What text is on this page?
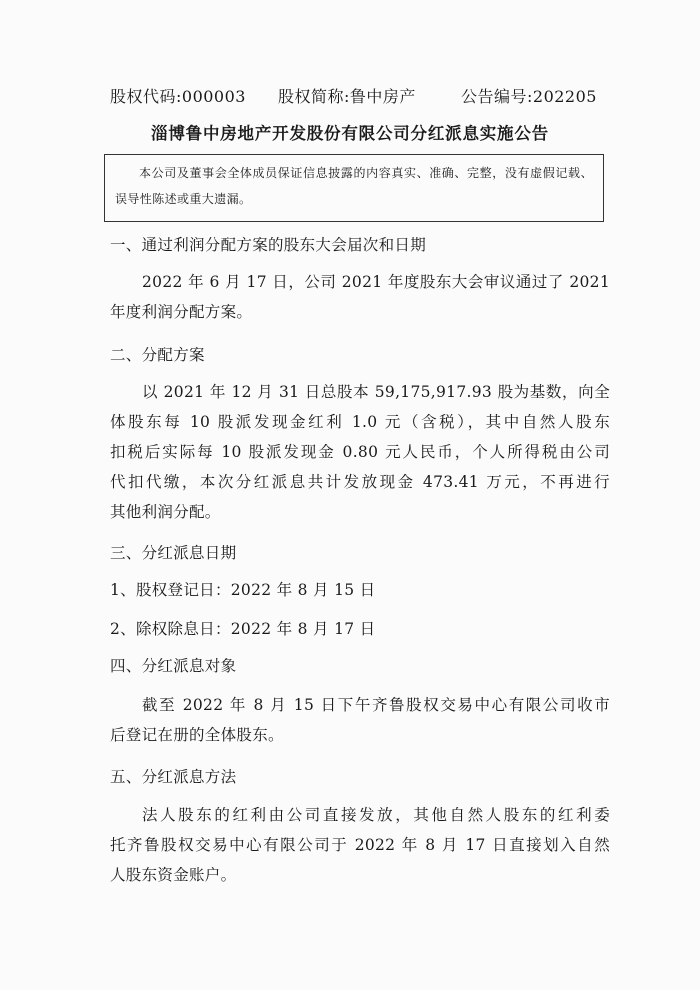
股权代码:000003 股权简称:鲁中房产	公告编号:202205
淄博鲁中房地产开发股份有限公司分红派息实施公告

本公司及董事会全体成员保证信息披露的内容真实、准确、完整，没有虚假记载、误导性陈述或重大遗漏。

一、通过利润分配方案的股东大会届次和日期
2022 年 6 月 17 日，公司 2021 年度股东大会审议通过了 2021
年度利润分配方案。
二、分配方案
以 2021 年 12 月 31 日总股本 59,175,917.93 股为基数，向全
体股东每 10 股派发现金红利 1.0 元（含税），其中自然人股东
扣税后实际每 10 股派发现金 0.80 元人民币，个人所得税由公司
代扣代缴，本次分红派息共计发放现金 473.41 万元，不再进行
其他利润分配。
三、分红派息日期
1、股权登记日：2022 年 8 月 15 日
2、除权除息日：2022 年 8 月 17 日
四、分红派息对象
截至 2022 年 8 月 15 日下午齐鲁股权交易中心有限公司收市
后登记在册的全体股东。
五、分红派息方法
法人股东的红利由公司直接发放，其他自然人股东的红利委
托齐鲁股权交易中心有限公司于 2022 年 8 月 17 日直接划入自然
人股东资金账户。
